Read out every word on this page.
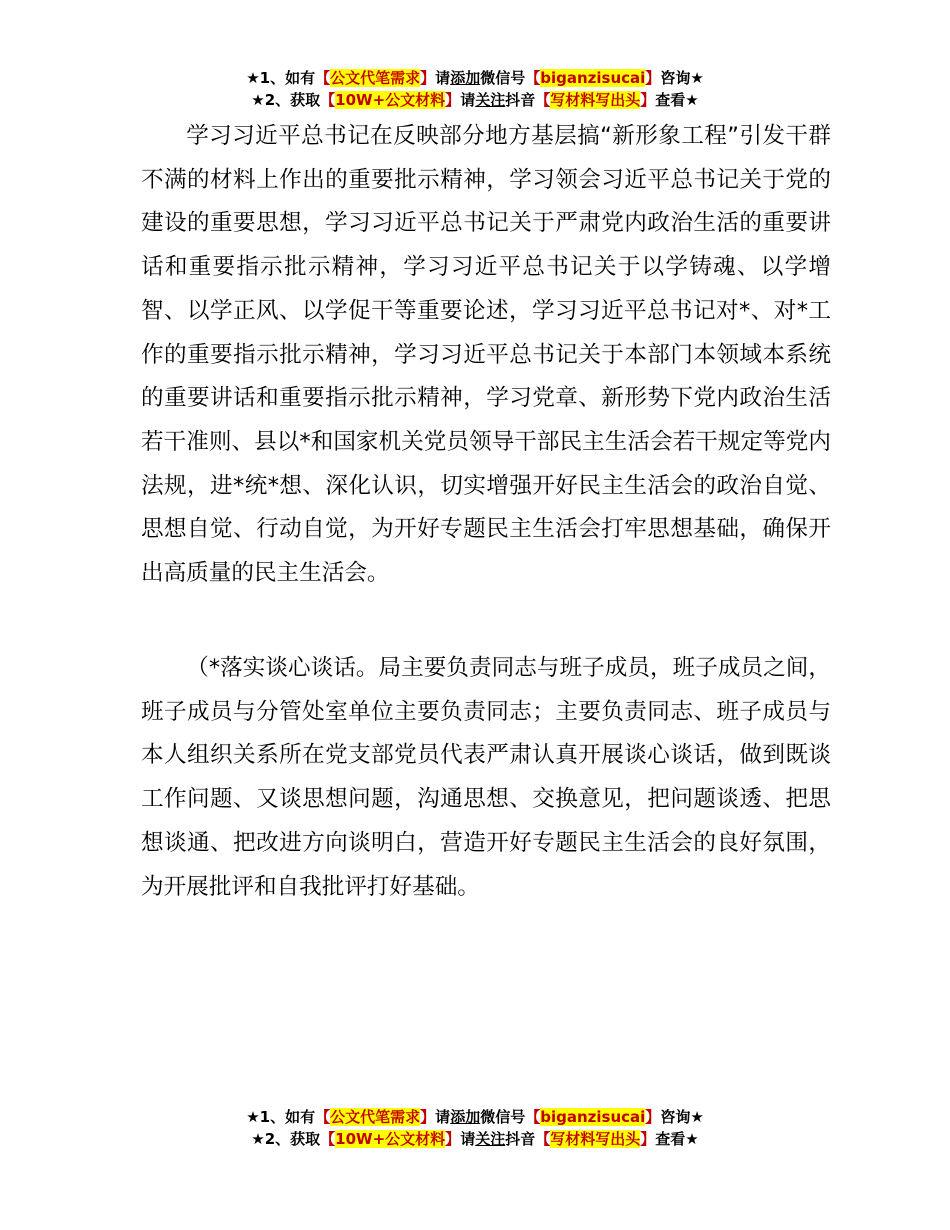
★1、如有【公文代笔需求】请添加微信号【biganzisucai】咨询★
★2、获取【10W+公文材料】请关注抖音【写材料写出头】查看★

学习习近平总书记在反映部分地方基层搞“新形象工程”引发干群不满的材料上作出的重要批示精神，学习领会习近平总书记关于党的建设的重要思想，学习习近平总书记关于严肃党内政治生活的重要讲话和重要指示批示精神，学习习近平总书记关于以学铸魂、以学增智、以学正风、以学促干等重要论述，学习习近平总书记对*、对*工作的重要指示批示精神，学习习近平总书记关于本部门本领域本系统的重要讲话和重要指示批示精神，学习党章、新形势下党内政治生活若干准则、县以*和国家机关党员领导干部民主生活会若干规定等党内法规，进*统*想、深化认识，切实增强开好民主生活会的政治自觉、思想自觉、行动自觉，为开好专题民主生活会打牢思想基础，确保开出高质量的民主生活会。

（*落实谈心谈话。局主要负责同志与班子成员，班子成员之间，班子成员与分管处室单位主要负责同志；主要负责同志、班子成员与本人组织关系所在党支部党员代表严肃认真开展谈心谈话，做到既谈工作问题、又谈思想问题，沟通思想、交换意见，把问题谈透、把思想谈通、把改进方向谈明白，营造开好专题民主生活会的良好氛围，为开展批评和自我批评打好基础。

★1、如有【公文代笔需求】请添加微信号【biganzisucai】咨询★
★2、获取【10W+公文材料】请关注抖音【写材料写出头】查看★
